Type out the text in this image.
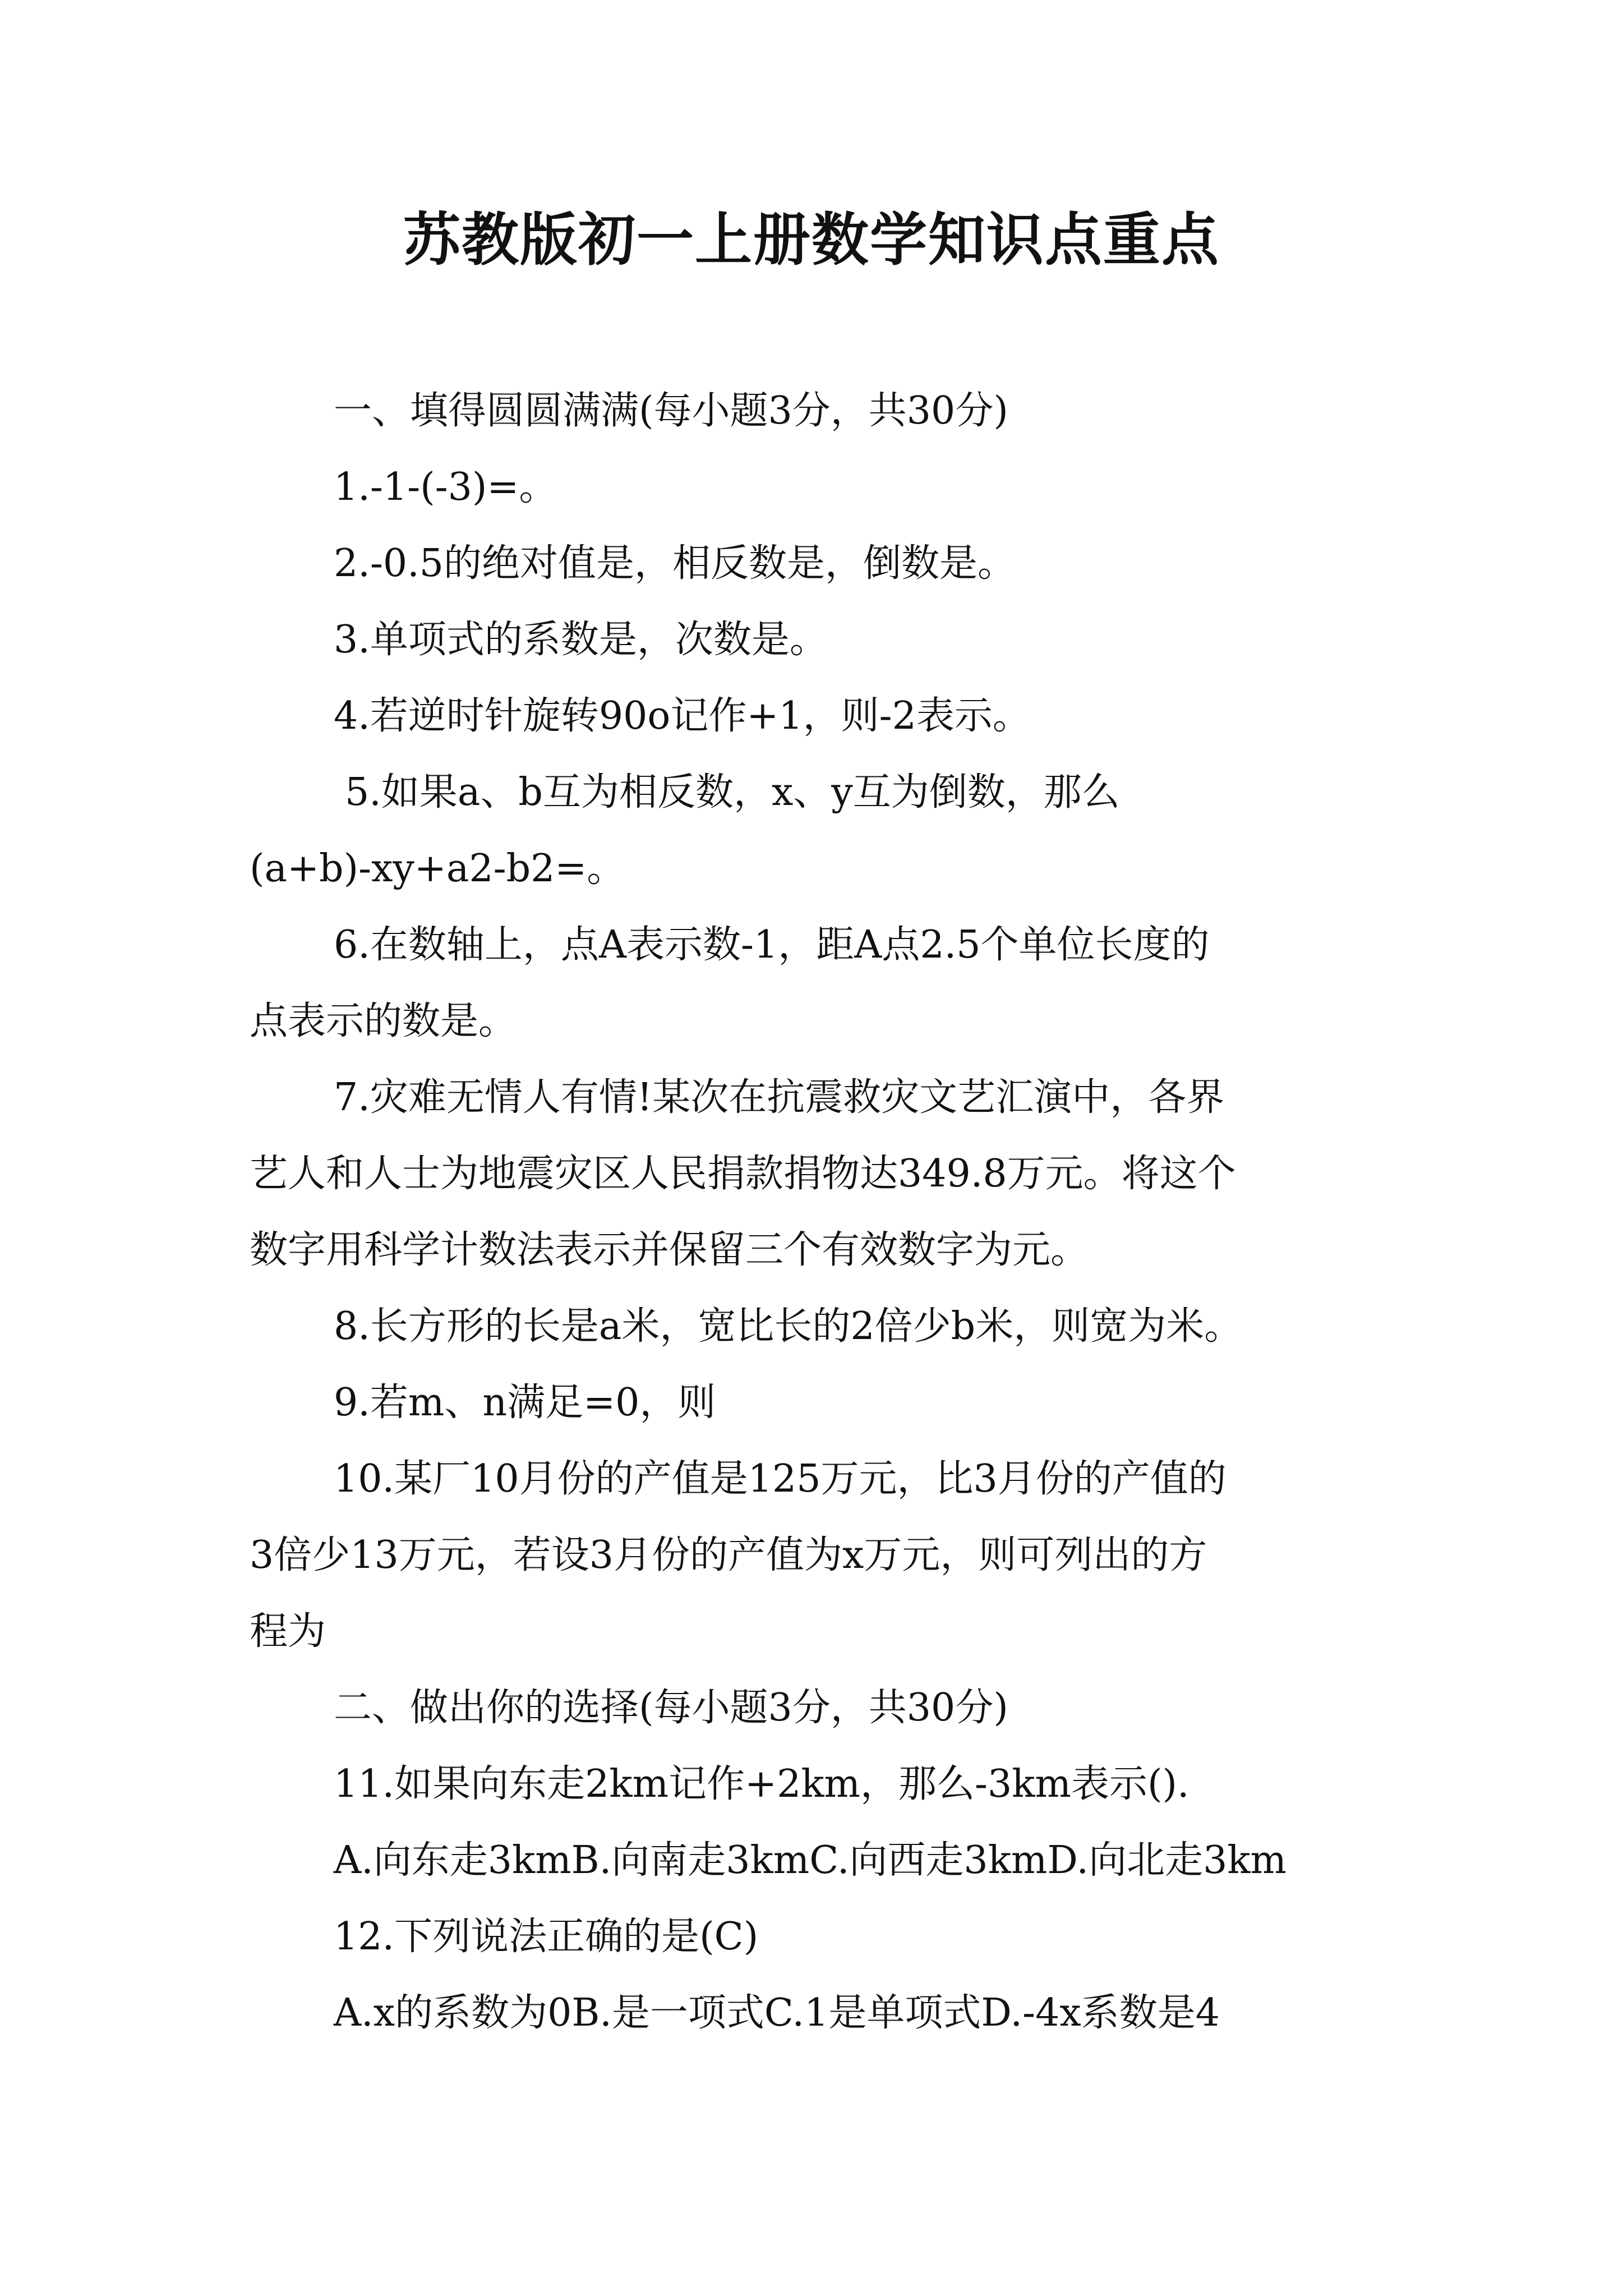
苏教版初一上册数学知识点重点
一、填得圆圆满满(每小题3分，共30分)
1.-1-(-3)=。
2.-0.5的绝对值是，相反数是，倒数是。
3.单项式的系数是，次数是。
4.若逆时针旋转90o记作+1，则-2表示。
5.如果a、b互为相反数，x、y互为倒数，那么
(a+b)-xy+a2-b2=。
6.在数轴上，点A表示数-1，距A点2.5个单位长度的
点表示的数是。
7.灾难无情人有情!某次在抗震救灾文艺汇演中，各界
艺人和人士为地震灾区人民捐款捐物达349.8万元。将这个
数字用科学计数法表示并保留三个有效数字为元。
8.长方形的长是a米，宽比长的2倍少b米，则宽为米。
9.若m、n满足=0，则
10.某厂10月份的产值是125万元，比3月份的产值的
3倍少13万元，若设3月份的产值为x万元，则可列出的方
程为
二、做出你的选择(每小题3分，共30分)
11.如果向东走2km记作+2km，那么-3km表示().
A.向东走3kmB.向南走3kmC.向西走3kmD.向北走3km
12.下列说法正确的是(C)
A.x的系数为0B.是一项式C.1是单项式D.-4x系数是4
